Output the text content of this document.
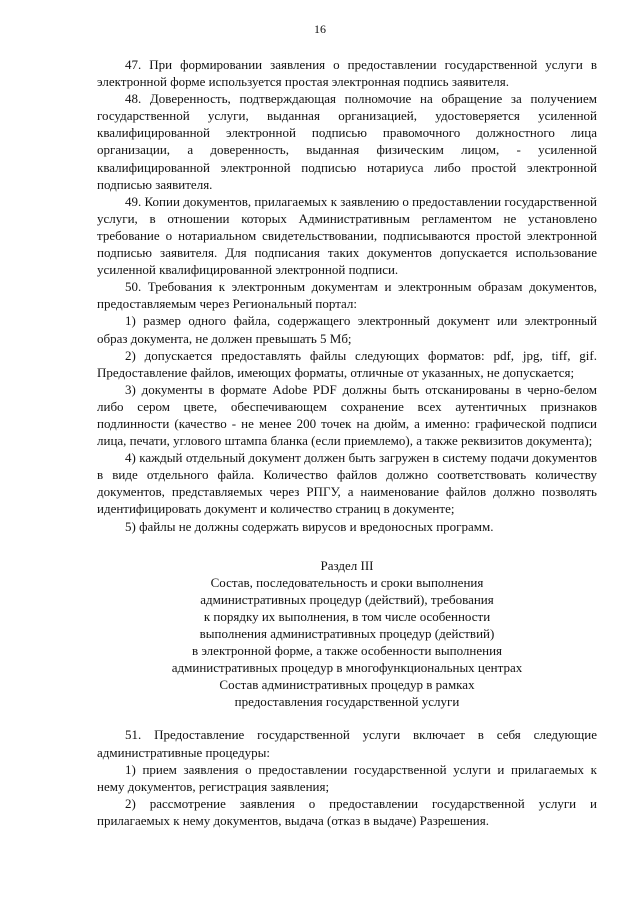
16

47. При формировании заявления о предоставлении государственной услуги в электронной форме используется простая электронная подпись заявителя.

48. Доверенность, подтверждающая полномочие на обращение за получением государственной услуги, выданная организацией, удостоверяется усиленной квалифицированной электронной подписью правомочного должностного лица организации, а доверенность, выданная физическим лицом, - усиленной квалифицированной электронной подписью нотариуса либо простой электронной подписью заявителя.

49. Копии документов, прилагаемых к заявлению о предоставлении государственной услуги, в отношении которых Административным регламентом не установлено требование о нотариальном свидетельствовании, подписываются простой электронной подписью заявителя. Для подписания таких документов допускается использование усиленной квалифицированной электронной подписи.

50. Требования к электронным документам и электронным образам документов, предоставляемым через Региональный портал:

1) размер одного файла, содержащего электронный документ или электронный образ документа, не должен превышать 5 Мб;

2) допускается предоставлять файлы следующих форматов: pdf, jpg, tiff, gif. Предоставление файлов, имеющих форматы, отличные от указанных, не допускается;

3) документы в формате Adobe PDF должны быть отсканированы в черно-белом либо сером цвете, обеспечивающем сохранение всех аутентичных признаков подлинности (качество - не менее 200 точек на дюйм, а именно: графической подписи лица, печати, углового штампа бланка (если приемлемо), а также реквизитов документа);

4) каждый отдельный документ должен быть загружен в систему подачи документов в виде отдельного файла. Количество файлов должно соответствовать количеству документов, представляемых через РПГУ, а наименование файлов должно позволять идентифицировать документ и количество страниц в документе;

5) файлы не должны содержать вирусов и вредоносных программ.

Раздел III
Состав, последовательность и сроки выполнения
административных процедур (действий), требования
к порядку их выполнения, в том числе особенности
выполнения административных процедур (действий)
в электронной форме, а также особенности выполнения
административных процедур в многофункциональных центрах
Состав административных процедур в рамках
предоставления государственной услуги

51. Предоставление государственной услуги включает в себя следующие административные процедуры:

1) прием заявления о предоставлении государственной услуги и прилагаемых к нему документов, регистрация заявления;

2) рассмотрение заявления о предоставлении государственной услуги и прилагаемых к нему документов, выдача (отказ в выдаче) Разрешения.
